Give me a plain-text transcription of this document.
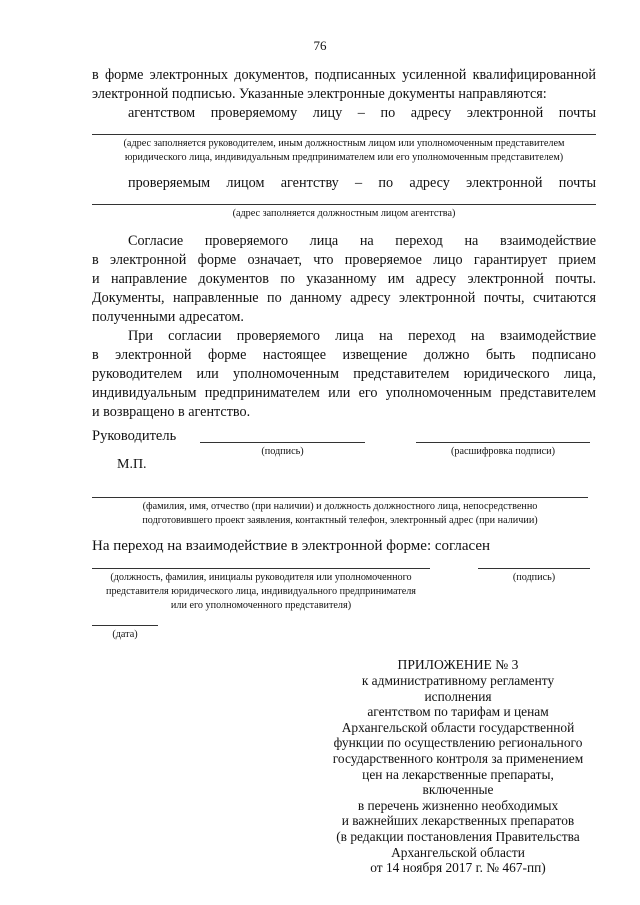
76
в форме электронных документов, подписанных усиленной квалифицированной
электронной подписью. Указанные электронные документы направляются:
агентством проверяемому лицу – по адресу электронной почты
(адрес заполняется руководителем, иным должностным лицом или уполномоченным представителем
юридического лица, индивидуальным предпринимателем или его уполномоченным представителем)
проверяемым лицом агентству – по адресу электронной почты
(адрес заполняется должностным лицом агентства)
Согласие проверяемого лица на переход на взаимодействие
в электронной форме означает, что проверяемое лицо гарантирует прием
и направление документов по указанному им адресу электронной почты.
Документы, направленные по данному адресу электронной почты, считаются
полученными адресатом.
При согласии проверяемого лица на переход на взаимодействие
в электронной форме настоящее извещение должно быть подписано
руководителем или уполномоченным представителем юридического лица,
индивидуальным предпринимателем или его уполномоченным представителем
и возвращено в агентство.
Руководитель
(подпись)	(расшифровка подписи)
М.П.
(фамилия, имя, отчество (при наличии) и должность должностного лица, непосредственно
подготовившего проект заявления, контактный телефон, электронный адрес (при наличии)
На переход на взаимодействие в электронной форме: согласен
(должность, фамилия, инициалы руководителя или уполномоченного
представителя юридического лица, индивидуального предпринимателя
или его уполномоченного представителя)
(подпись)
(дата)
ПРИЛОЖЕНИЕ № 3
к административному регламенту исполнения
агентством по тарифам и ценам
Архангельской области государственной
функции по осуществлению регионального
государственного контроля за применением
цен на лекарственные препараты, включенные
в перечень жизненно необходимых
и важнейших лекарственных препаратов
(в редакции постановления Правительства
Архангельской области
от 14 ноября 2017 г. № 467-пп)
